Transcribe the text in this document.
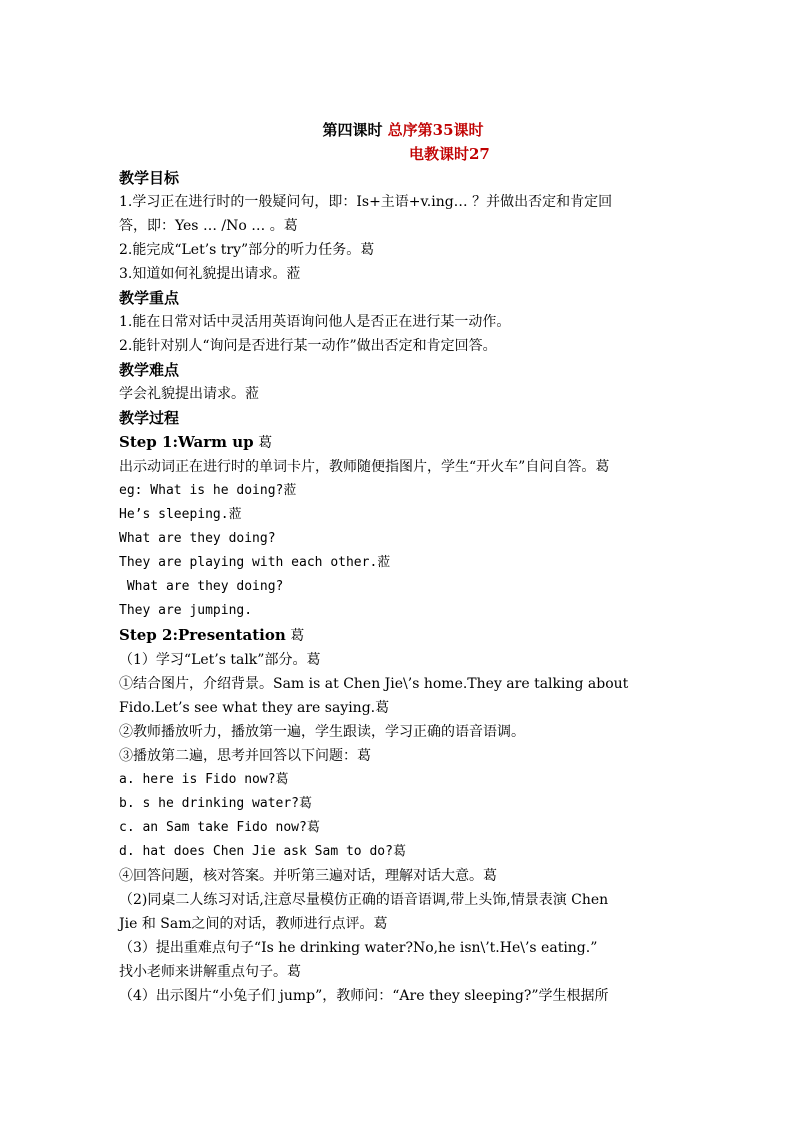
第四课时 总序第35课时
电教课时27
教学目标
1.学习正在进行时的一般疑问句，即：Is+主语+v.ing… ？并做出否定和肯定回
答，即：Yes … /No … 。葛
2.能完成“Let’s try”部分的听力任务。葛
3.知道如何礼貌提出请求。蒞
教学重点
1.能在日常对话中灵活用英语询问他人是否正在进行某一动作。
2.能针对别人“询问是否进行某一动作”做出否定和肯定回答。
教学难点
学会礼貌提出请求。蒞
教学过程
Step 1:Warm up 葛
出示动词正在进行时的单词卡片，教师随便指图片，学生“开火车”自问自答。葛
eg: What is he doing?蒞
He’s sleeping.蒞
What are they doing?
They are playing with each other.蒞
What are they doing?
They are jumping.
Step 2:Presentation 葛
（1）学习“Let’s talk”部分。葛
①结合图片，介绍背景。Sam is at Chen Jie\’s home.They are talking about
Fido.Let’s see what they are saying.葛
②教师播放听力，播放第一遍，学生跟读，学习正确的语音语调。
③播放第二遍，思考并回答以下问题：葛
a. here is Fido now?葛
b. s he drinking water?葛
c. an Sam take Fido now?葛
d. hat does Chen Jie ask Sam to do?葛
④回答问题，核对答案。并听第三遍对话，理解对话大意。葛
（2)同桌二人练习对话,注意尽量模仿正确的语音语调,带上头饰,情景表演 Chen
Jie 和 Sam之间的对话，教师进行点评。葛
（3）提出重难点句子“Is he drinking water?No,he isn\’t.He\’s eating.”
找小老师来讲解重点句子。葛
（4）出示图片“小兔子们 jump”，教师问：“Are they sleeping?”学生根据所
